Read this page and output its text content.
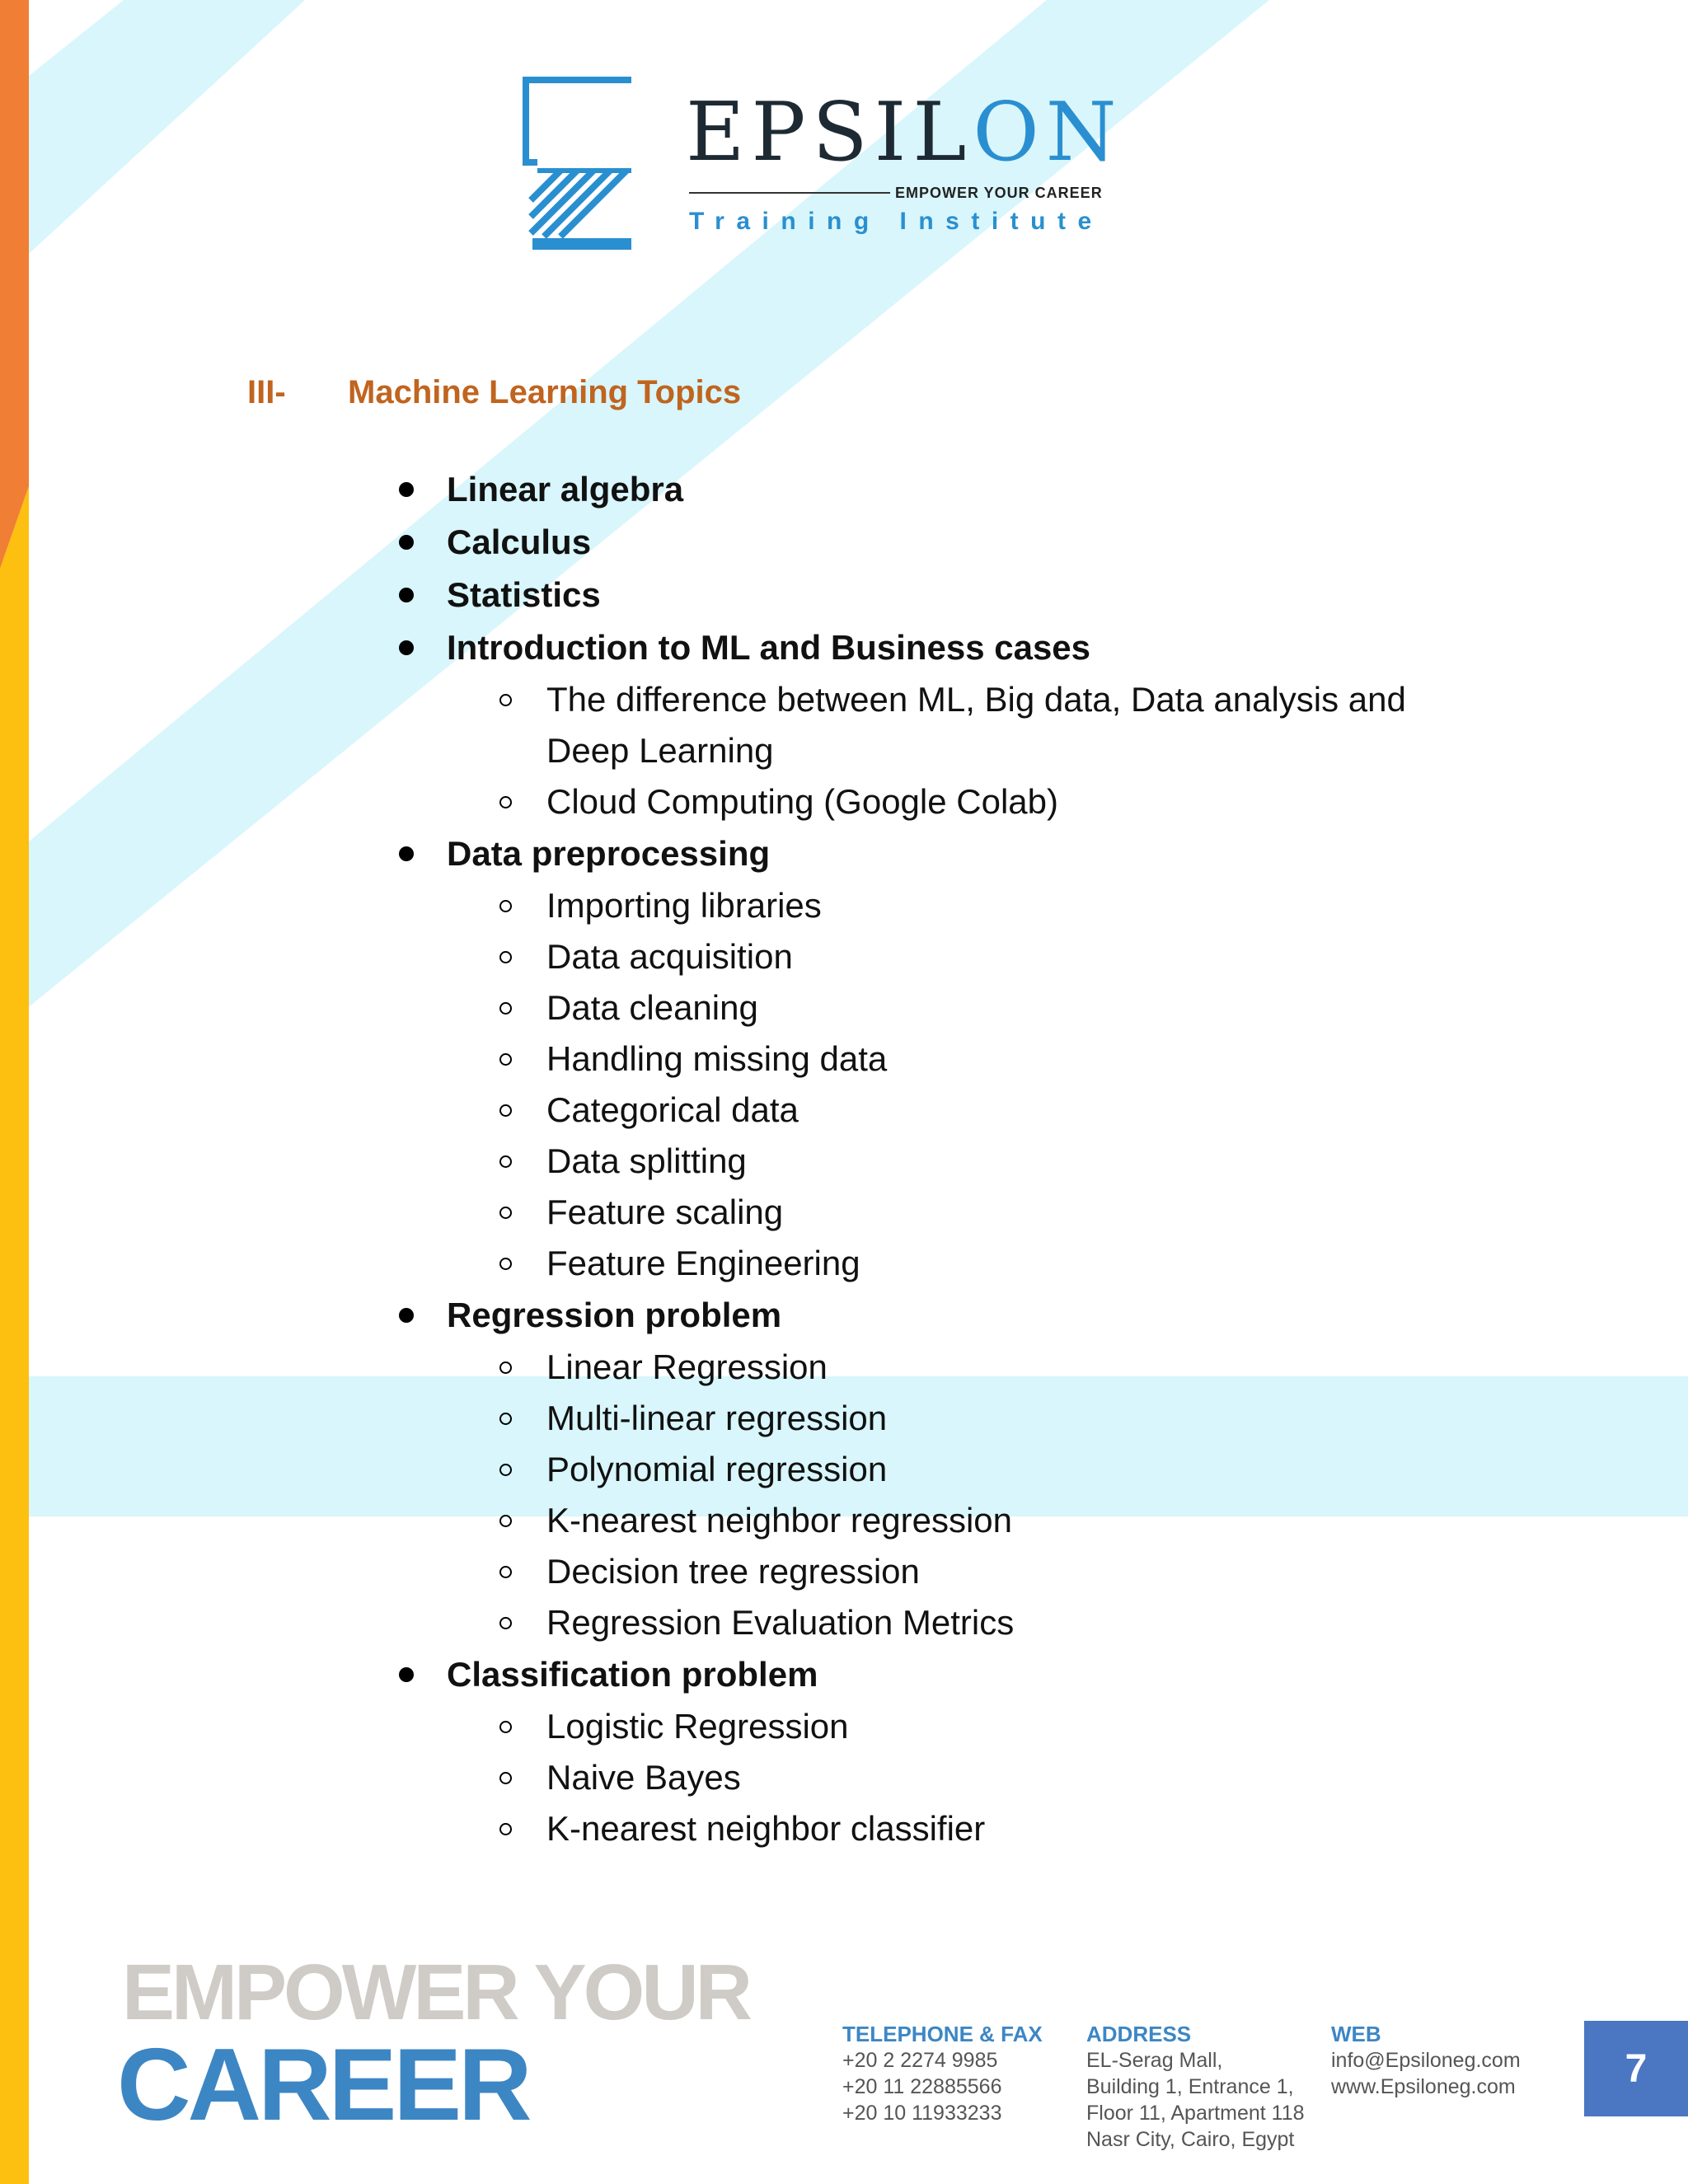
EPSILON
EMPOWER YOUR CAREER
Training Institute
III- Machine Learning Topics
Linear algebra
Calculus
Statistics
Introduction to ML and Business cases
The difference between ML, Big data, Data analysis and Deep Learning
Cloud Computing (Google Colab)
Data preprocessing
Importing libraries
Data acquisition
Data cleaning
Handling missing data
Categorical data
Data splitting
Feature scaling
Feature Engineering
Regression problem
Linear Regression
Multi-linear regression
Polynomial regression
K-nearest neighbor regression
Decision tree regression
Regression Evaluation Metrics
Classification problem
Logistic Regression
Naive Bayes
K-nearest neighbor classifier
EMPOWER YOUR
CAREER	TELEPHONE & FAX
+20 2 2274 9985
+20 11 22885566
+20 10 11933233
ADDRESS
EL-Serag Mall,
Building 1, Entrance 1,
Floor 11, Apartment 118
Nasr City, Cairo, Egypt
WEB
info@Epsiloneg.com
www.Epsiloneg.com	7
